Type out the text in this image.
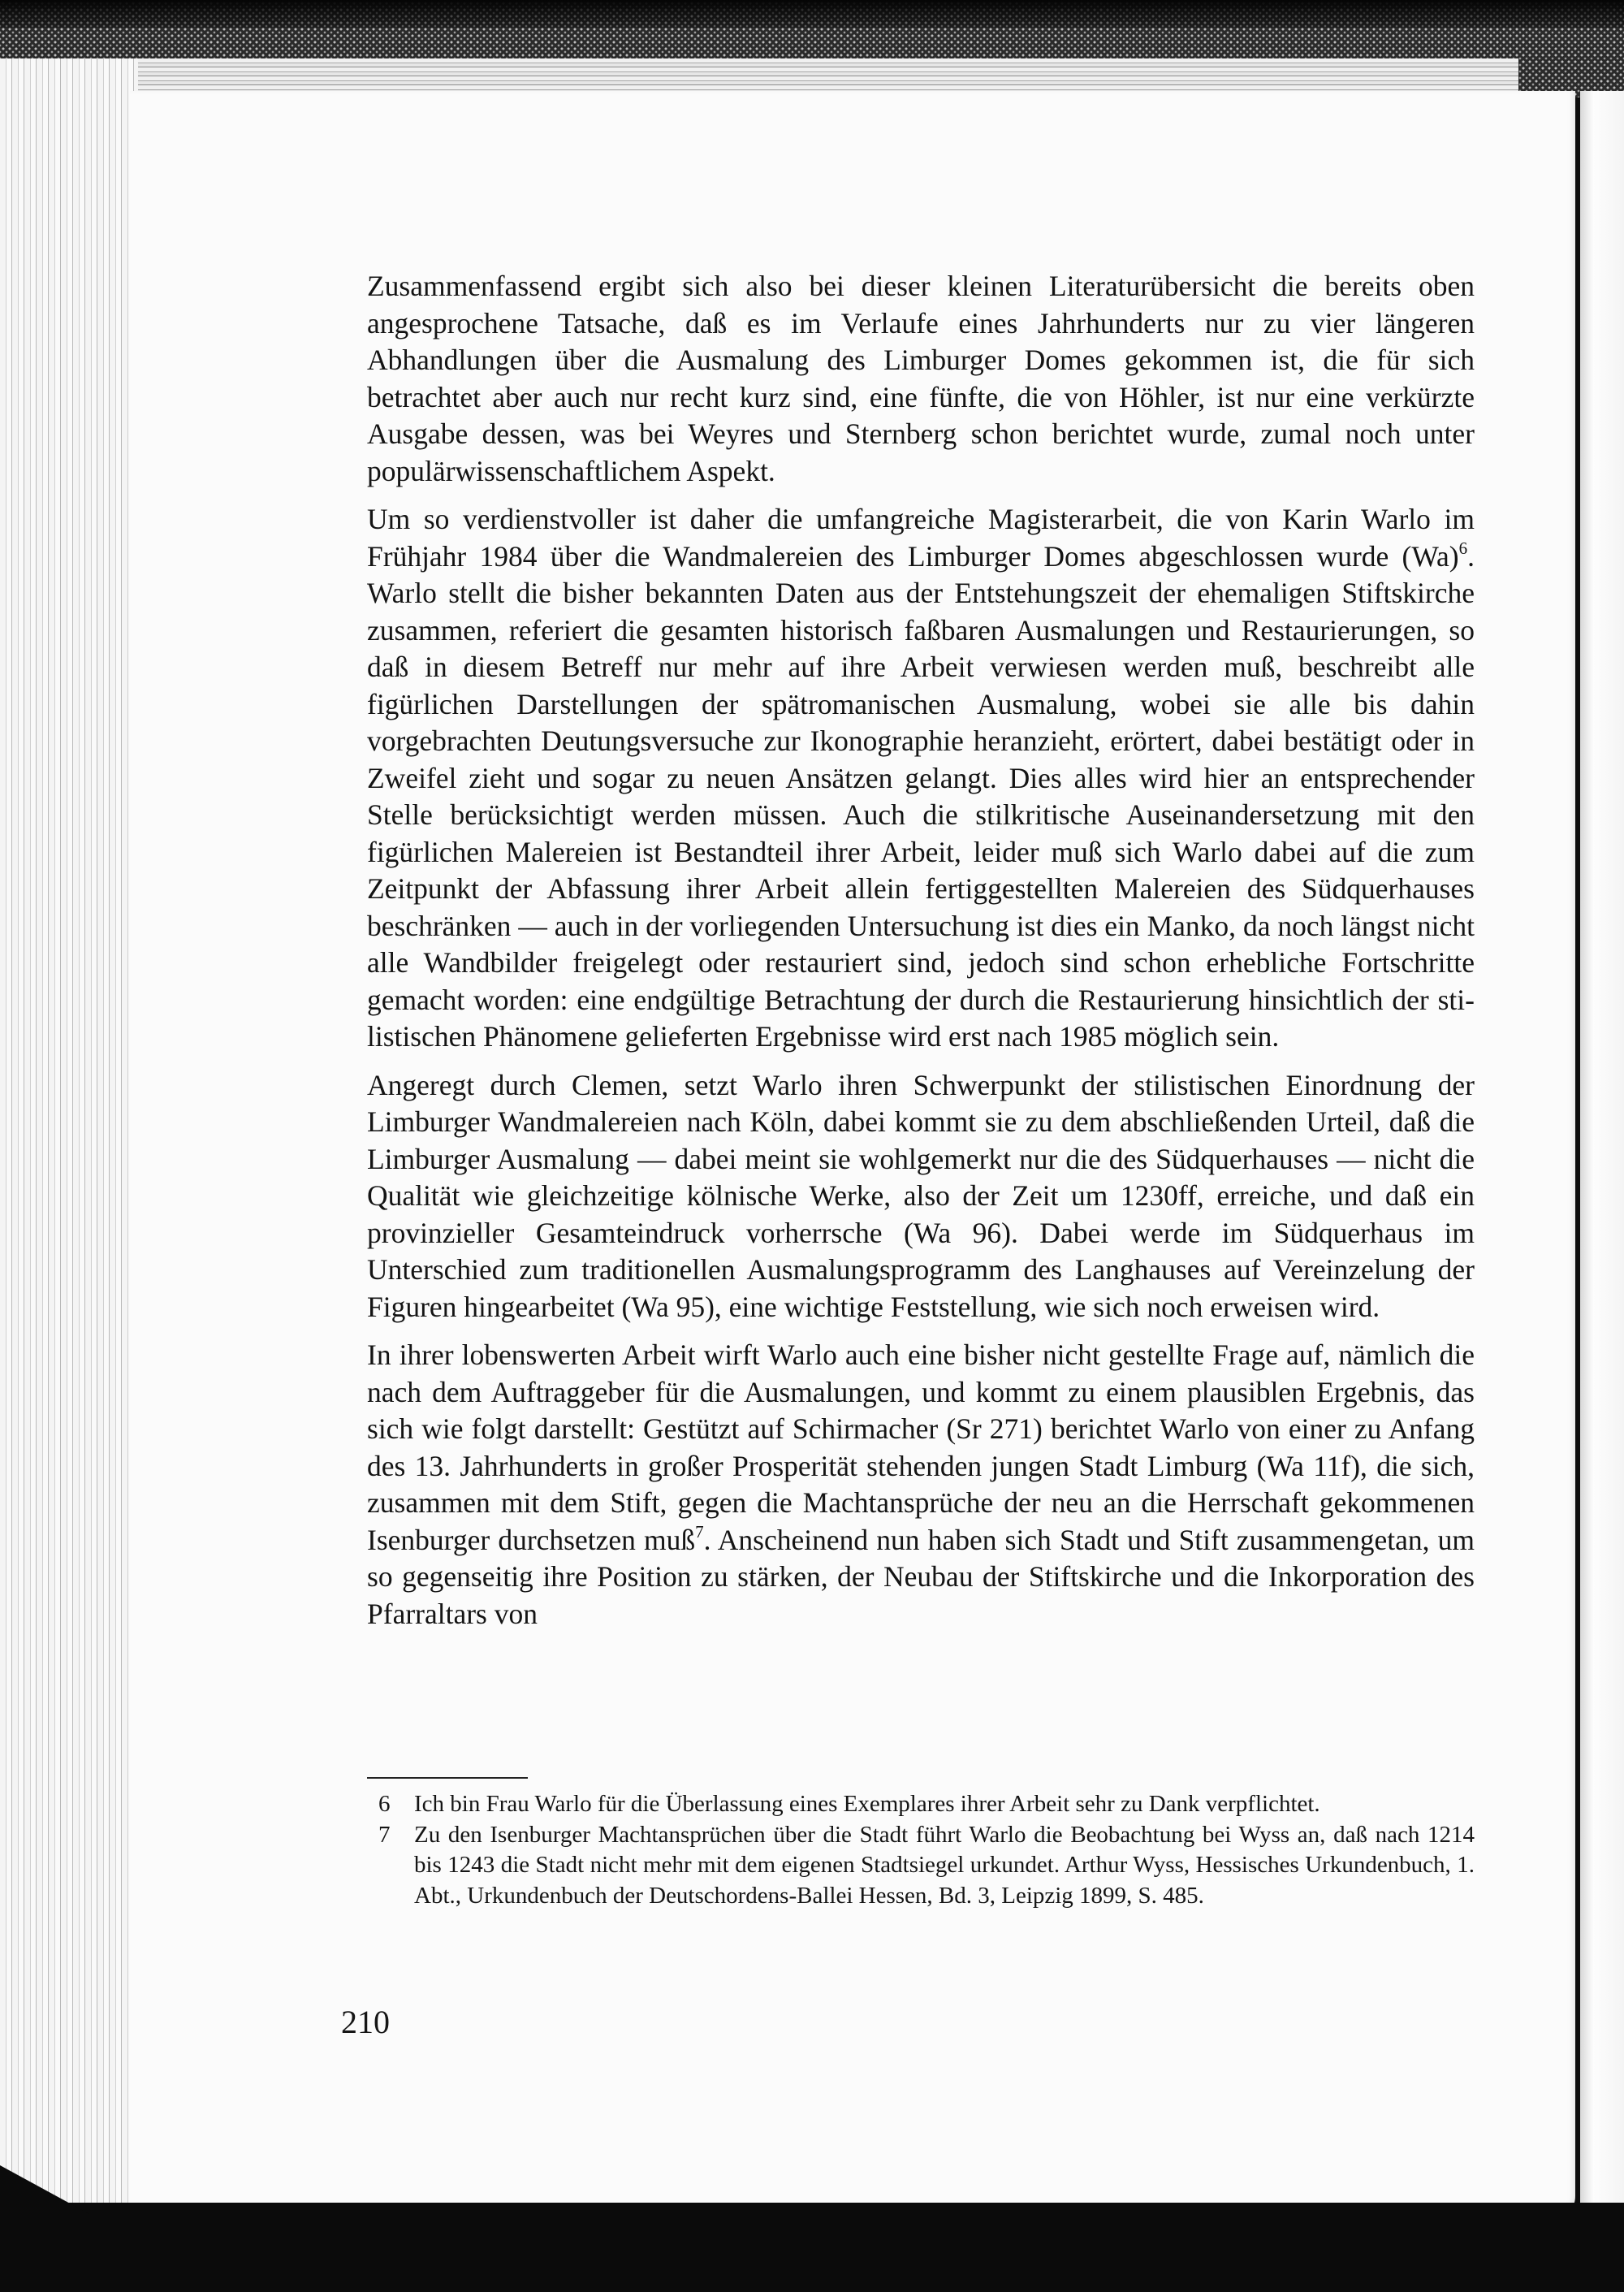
Zusammenfassend ergibt sich also bei dieser kleinen Literaturübersicht die bereits oben angesprochene Tatsache, daß es im Verlaufe eines Jahrhunderts nur zu vier längeren Abhandlungen über die Ausmalung des Limburger Domes gekommen ist, die für sich betrachtet aber auch nur recht kurz sind, eine fünfte, die von Höhler, ist nur eine verkürzte Ausgabe dessen, was bei Weyres und Sternberg schon berichtet wurde, zumal noch unter populärwissenschaftlichem Aspekt.

Um so verdienstvoller ist daher die umfangreiche Magisterarbeit, die von Karin Warlo im Frühjahr 1984 über die Wandmalereien des Limburger Domes abgeschlossen wurde (Wa)$^6$. Warlo stellt die bisher bekannten Daten aus der Entstehungszeit der ehemaligen Stiftskirche zusammen, referiert die gesamten historisch faßbaren Ausmalungen und Restaurierungen, so daß in diesem Betreff nur mehr auf ihre Arbeit verwiesen werden muß, beschreibt alle figürlichen Darstellungen der spätromanischen Ausmalung, wobei sie alle bis dahin vorgebrachten Deutungsversuche zur Ikonographie heranzieht, erörtert, dabei bestätigt oder in Zweifel zieht und sogar zu neuen Ansätzen gelangt. Dies alles wird hier an entsprechender Stelle berücksichtigt werden müssen. Auch die stilkritische Auseinandersetzung mit den figürlichen Malereien ist Bestandteil ihrer Arbeit, leider muß sich Warlo dabei auf die zum Zeitpunkt der Abfassung ihrer Arbeit allein fertiggestellten Malereien des Südquerhauses beschränken — auch in der vorliegenden Untersuchung ist dies ein Manko, da noch längst nicht alle Wandbilder freigelegt oder restauriert sind, jedoch sind schon erhebliche Fortschritte gemacht worden: eine endgültige Betrachtung der durch die Restaurierung hinsichtlich der stilistischen Phänomene gelieferten Ergebnisse wird erst nach 1985 möglich sein.

Angeregt durch Clemen, setzt Warlo ihren Schwerpunkt der stilistischen Einordnung der Limburger Wandmalereien nach Köln, dabei kommt sie zu dem abschließenden Urteil, daß die Limburger Ausmalung — dabei meint sie wohlgemerkt nur die des Südquerhauses — nicht die Qualität wie gleichzeitige kölnische Werke, also der Zeit um 1230ff, erreiche, und daß ein provinzieller Gesamteindruck vorherrsche (Wa 96). Dabei werde im Südquerhaus im Unterschied zum traditionellen Ausmalungsprogramm des Langhauses auf Vereinzelung der Figuren hingearbeitet (Wa 95), eine wichtige Feststellung, wie sich noch erweisen wird.

In ihrer lobenswerten Arbeit wirft Warlo auch eine bisher nicht gestellte Frage auf, nämlich die nach dem Auftraggeber für die Ausmalungen, und kommt zu einem plausiblen Ergebnis, das sich wie folgt darstellt: Gestützt auf Schirmacher (Sr 271) berichtet Warlo von einer zu Anfang des 13. Jahrhunderts in großer Prosperität stehenden jungen Stadt Limburg (Wa 11f), die sich, zusammen mit dem Stift, gegen die Machtansprüche der neu an die Herrschaft gekommenen Isenburger durchsetzen muß$^7$. Anscheinend nun haben sich Stadt und Stift zusammengetan, um so gegenseitig ihre Position zu stärken, der Neubau der Stiftskirche und die Inkorporation des Pfarraltars von

6	Ich bin Frau Warlo für die Überlassung eines Exemplares ihrer Arbeit sehr zu Dank verpflichtet.
7	Zu den Isenburger Machtansprüchen über die Stadt führt Warlo die Beobachtung bei Wyss an, daß nach 1214 bis 1243 die Stadt nicht mehr mit dem eigenen Stadtsiegel urkundet. Arthur Wyss, Hessisches Urkundenbuch, 1. Abt., Urkundenbuch der Deutschordens-Ballei Hessen, Bd. 3, Leipzig 1899, S. 485.
210
